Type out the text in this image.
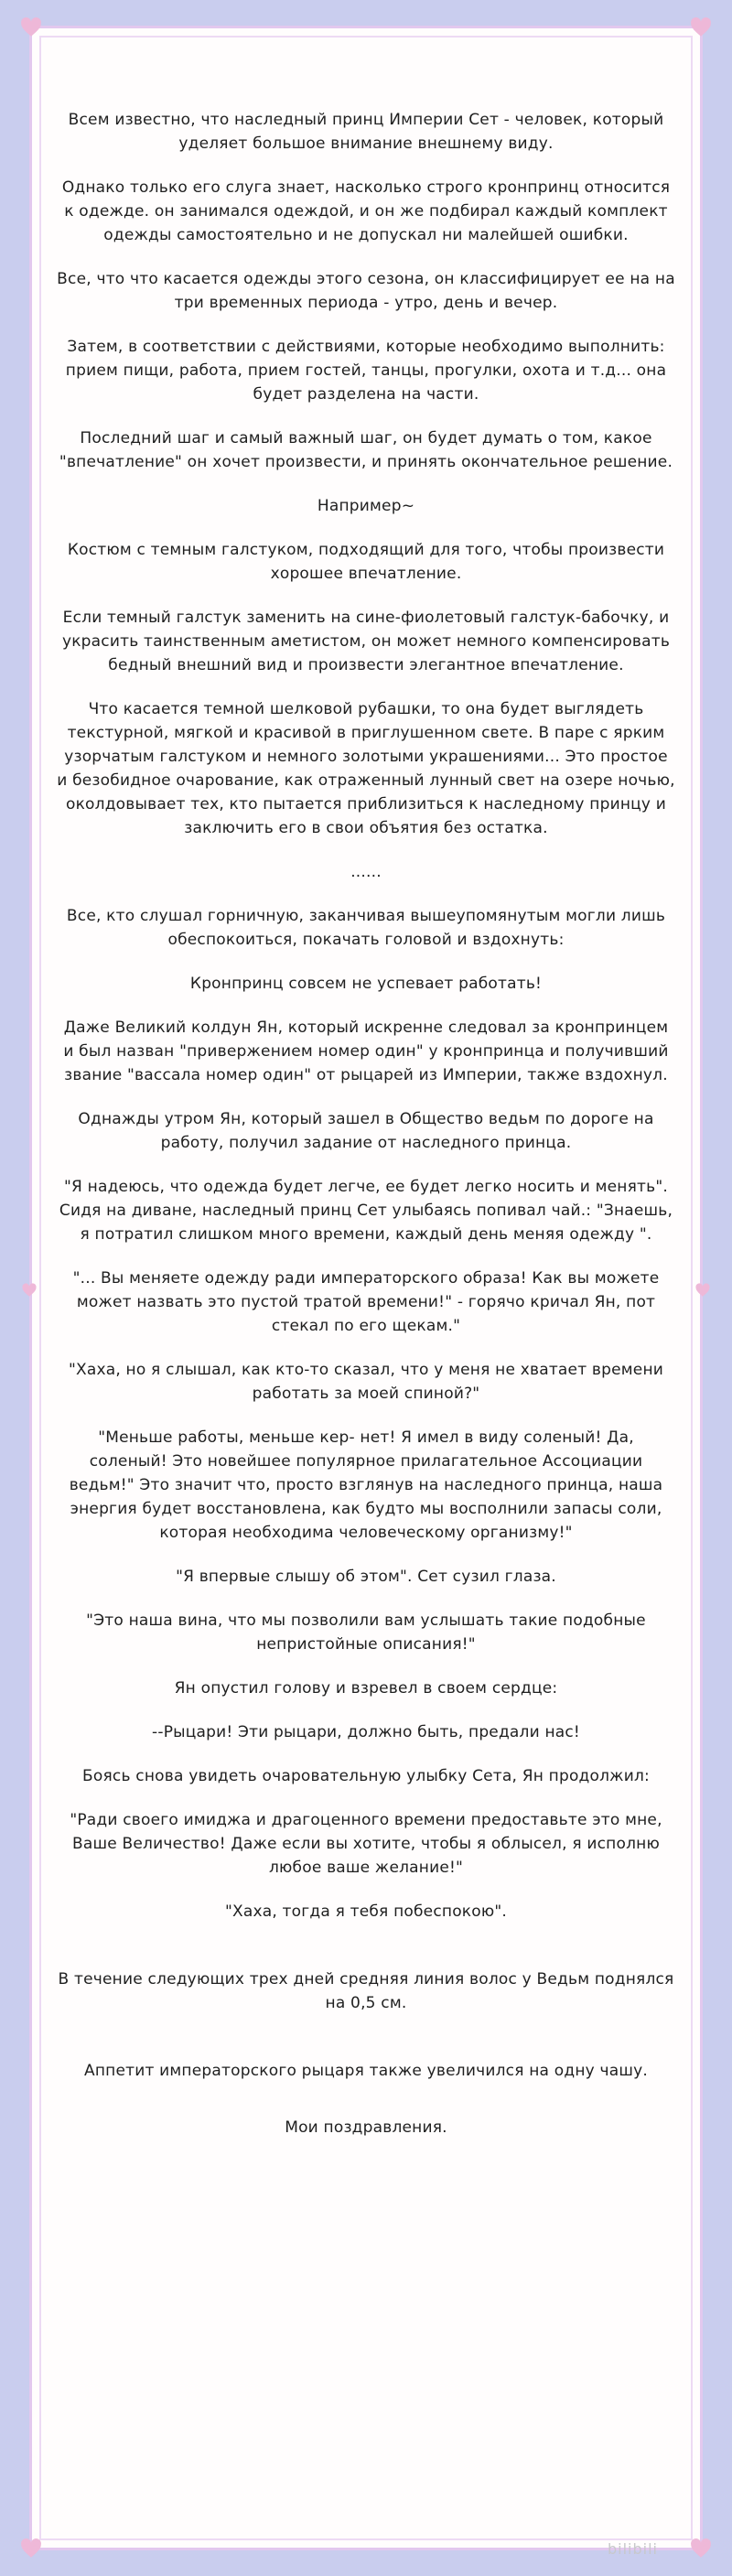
Всем известно, что наследный принц Империи Сет - человек, который уделяет большое внимание внешнему виду.

Однако только его слуга знает, насколько строго кронпринц относится к одежде. он занимался одеждой, и он же подбирал каждый комплект одежды самостоятельно и не допускал ни малейшей ошибки.

Все, что что касается одежды этого сезона, он классифицирует ее на на три временных периода - утро, день и вечер.

Затем, в соответствии с действиями, которые необходимо выполнить: прием пищи, работа, прием гостей, танцы, прогулки, охота и т.д... она будет разделена на части.

Последний шаг и самый важный шаг, он будет думать о том, какое "впечатление" он хочет произвести, и принять окончательное решение.

Например~

Костюм с темным галстуком, подходящий для того, чтобы произвести хорошее впечатление.

Если темный галстук заменить на сине-фиолетовый галстук-бабочку, и украсить таинственным аметистом, он может немного компенсировать бедный внешний вид и произвести элегантное впечатление.

Что касается темной шелковой рубашки, то она будет выглядеть текстурной, мягкой и красивой в приглушенном свете. В паре с ярким узорчатым галстуком и немного золотыми украшениями... Это простое и безобидное очарование, как отраженный лунный свет на озере ночью, околдовывает тех, кто пытается приблизиться к наследному принцу и заключить его в свои объятия без остатка.

......

Все, кто слушал горничную, заканчивая вышеупомянутым могли лишь обеспокоиться, покачать головой и вздохнуть:

Кронпринц совсем не успевает работать!

Даже Великий колдун Ян, который искренне следовал за кронпринцем и был назван "привержением номер один" у кронпринца и получивший звание "вассала номер один" от рыцарей из Империи, также вздохнул.

Однажды утром Ян, который зашел в Общество ведьм по дороге на работу, получил задание от наследного принца.

"Я надеюсь, что одежда будет легче, ее будет легко носить и менять". Сидя на диване, наследный принц Сет улыбаясь попивал чай.: "Знаешь, я потратил слишком много времени, каждый день меняя одежду ".

"... Вы меняете одежду ради императорского образа! Как вы можете может назвать это пустой тратой времени!" - горячо кричал Ян, пот стекал по его щекам."

"Хаха, но я слышал, как кто-то сказал, что у меня не хватает времени работать за моей спиной?"

"Меньше работы, меньше кер- нет! Я имел в виду соленый! Да, соленый! Это новейшее популярное прилагательное Ассоциации ведьм!" Это значит что, просто взглянув на наследного принца, наша энергия будет восстановлена, как будто мы восполнили запасы соли, которая необходима человеческому организму!"

"Я впервые слышу об этом". Сет сузил глаза.

"Это наша вина, что мы позволили вам услышать такие подобные непристойные описания!"

Ян опустил голову и взревел в своем сердце:

--Рыцари! Эти рыцари, должно быть, предали нас!

Боясь снова увидеть очаровательную улыбку Сета, Ян продолжил:

"Ради своего имиджа и драгоценного времени предоставьте это мне, Ваше Величество! Даже если вы хотите, чтобы я облысел, я исполню любое ваше желание!"

"Хаха, тогда я тебя побеспокою".

В течение следующих трех дней средняя линия волос у Ведьм поднялся на 0,5 см.

Аппетит императорского рыцаря также увеличился на одну чашу.

Мои поздравления.

bilibili
